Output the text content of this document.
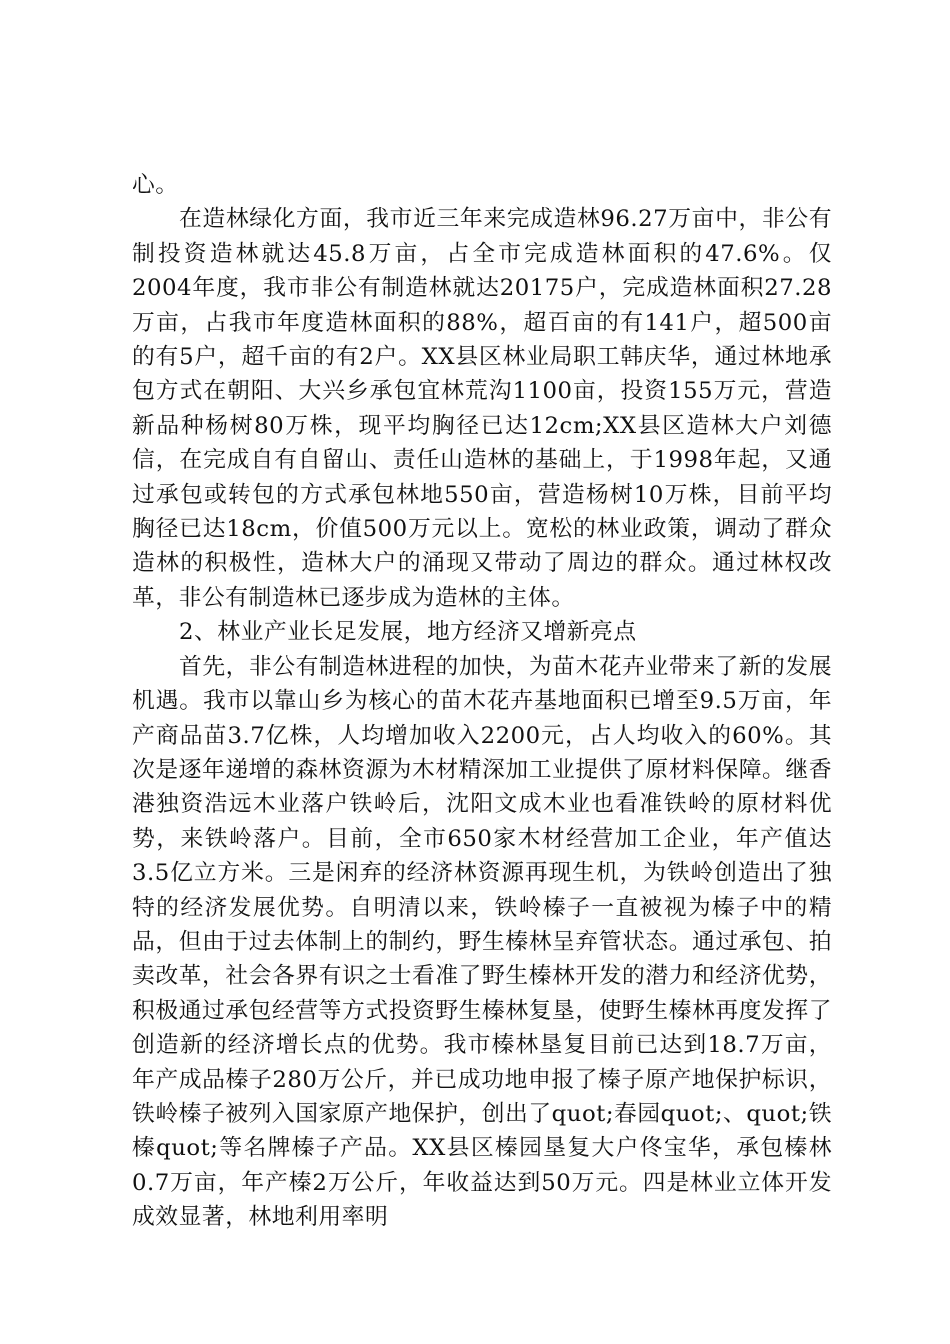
心。

在造林绿化方面，我市近三年来完成造林96.27万亩中，非公有制投资造林就达45.8万亩，占全市完成造林面积的47.6%。仅2004年度，我市非公有制造林就达20175户，完成造林面积27.28万亩，占我市年度造林面积的88%，超百亩的有141户，超500亩的有5户，超千亩的有2户。XX县区林业局职工韩庆华，通过林地承包方式在朝阳、大兴乡承包宜林荒沟1100亩，投资155万元，营造新品种杨树80万株，现平均胸径已达12cm;XX县区造林大户刘德信，在完成自有自留山、责任山造林的基础上，于1998年起，又通过承包或转包的方式承包林地550亩，营造杨树10万株，目前平均胸径已达18cm，价值500万元以上。宽松的林业政策，调动了群众造林的积极性，造林大户的涌现又带动了周边的群众。通过林权改革，非公有制造林已逐步成为造林的主体。

2、林业产业长足发展，地方经济又增新亮点

首先，非公有制造林进程的加快，为苗木花卉业带来了新的发展机遇。我市以靠山乡为核心的苗木花卉基地面积已增至9.5万亩，年产商品苗3.7亿株，人均增加收入2200元，占人均收入的60%。其次是逐年递增的森林资源为木材精深加工业提供了原材料保障。继香港独资浩远木业落户铁岭后，沈阳文成木业也看准铁岭的原材料优势，来铁岭落户。目前，全市650家木材经营加工企业，年产值达3.5亿立方米。三是闲弃的经济林资源再现生机，为铁岭创造出了独特的经济发展优势。自明清以来，铁岭榛子一直被视为榛子中的精品，但由于过去体制上的制约，野生榛林呈弃管状态。通过承包、拍卖改革，社会各界有识之士看准了野生榛林开发的潜力和经济优势，积极通过承包经营等方式投资野生榛林复垦，使野生榛林再度发挥了创造新的经济增长点的优势。我市榛林垦复目前已达到18.7万亩，年产成品榛子280万公斤，并已成功地申报了榛子原产地保护标识，铁岭榛子被列入国家原产地保护，创出了quot;春园quot;、quot;铁榛quot;等名牌榛子产品。XX县区榛园垦复大户佟宝华，承包榛林0.7万亩，年产榛2万公斤，年收益达到50万元。四是林业立体开发成效显著，林地利用率明
